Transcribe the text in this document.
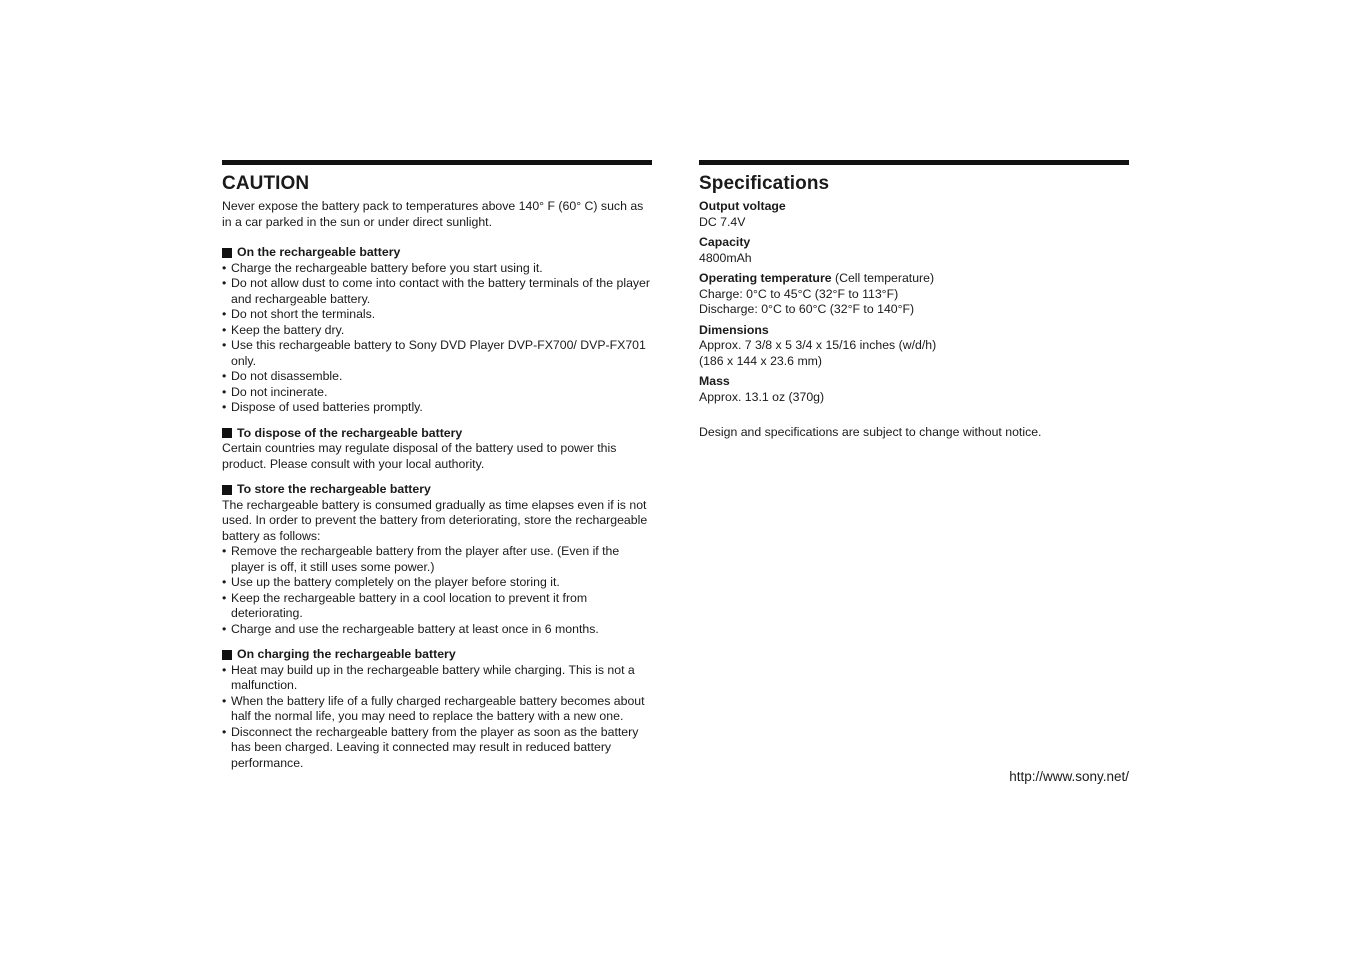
CAUTION

Never expose the battery pack to temperatures above 140° F (60° C) such as in a car parked in the sun or under direct sunlight.

On the rechargeable battery
• Charge the rechargeable battery before you start using it.
• Do not allow dust to come into contact with the battery terminals of the player and rechargeable battery.
• Do not short the terminals.
• Keep the battery dry.
• Use this rechargeable battery to Sony DVD Player DVP-FX700/ DVP-FX701 only.
• Do not disassemble.
• Do not incinerate.
• Dispose of used batteries promptly.
To dispose of the rechargeable battery

Certain countries may regulate disposal of the battery used to power this product. Please consult with your local authority.

To store the rechargeable battery

The rechargeable battery is consumed gradually as time elapses even if is not used. In order to prevent the battery from deteriorating, store the rechargeable battery as follows:

• Remove the rechargeable battery from the player after use. (Even if the player is off, it still uses some power.)
• Use up the battery completely on the player before storing it.
• Keep the rechargeable battery in a cool location to prevent it from deteriorating.
• Charge and use the rechargeable battery at least once in 6 months.
On charging the rechargeable battery
• Heat may build up in the rechargeable battery while charging. This is not a malfunction.
• When the battery life of a fully charged rechargeable battery becomes about half the normal life, you may need to replace the battery with a new one.
• Disconnect the rechargeable battery from the player as soon as the battery has been charged. Leaving it connected may result in reduced battery performance.
Specifications

Output voltage

DC 7.4V

Capacity

4800mAh

Operating temperature (Cell temperature)

Charge: 0°C to 45°C (32°F to 113°F)

Discharge: 0°C to 60°C (32°F to 140°F)

Dimensions

Approx. 7 3/8 x 5 3/4 x 15/16 inches (w/d/h)

(186 x 144 x 23.6 mm)

Mass

Approx. 13.1 oz (370g)

Design and specifications are subject to change without notice.

http://www.sony.net/
